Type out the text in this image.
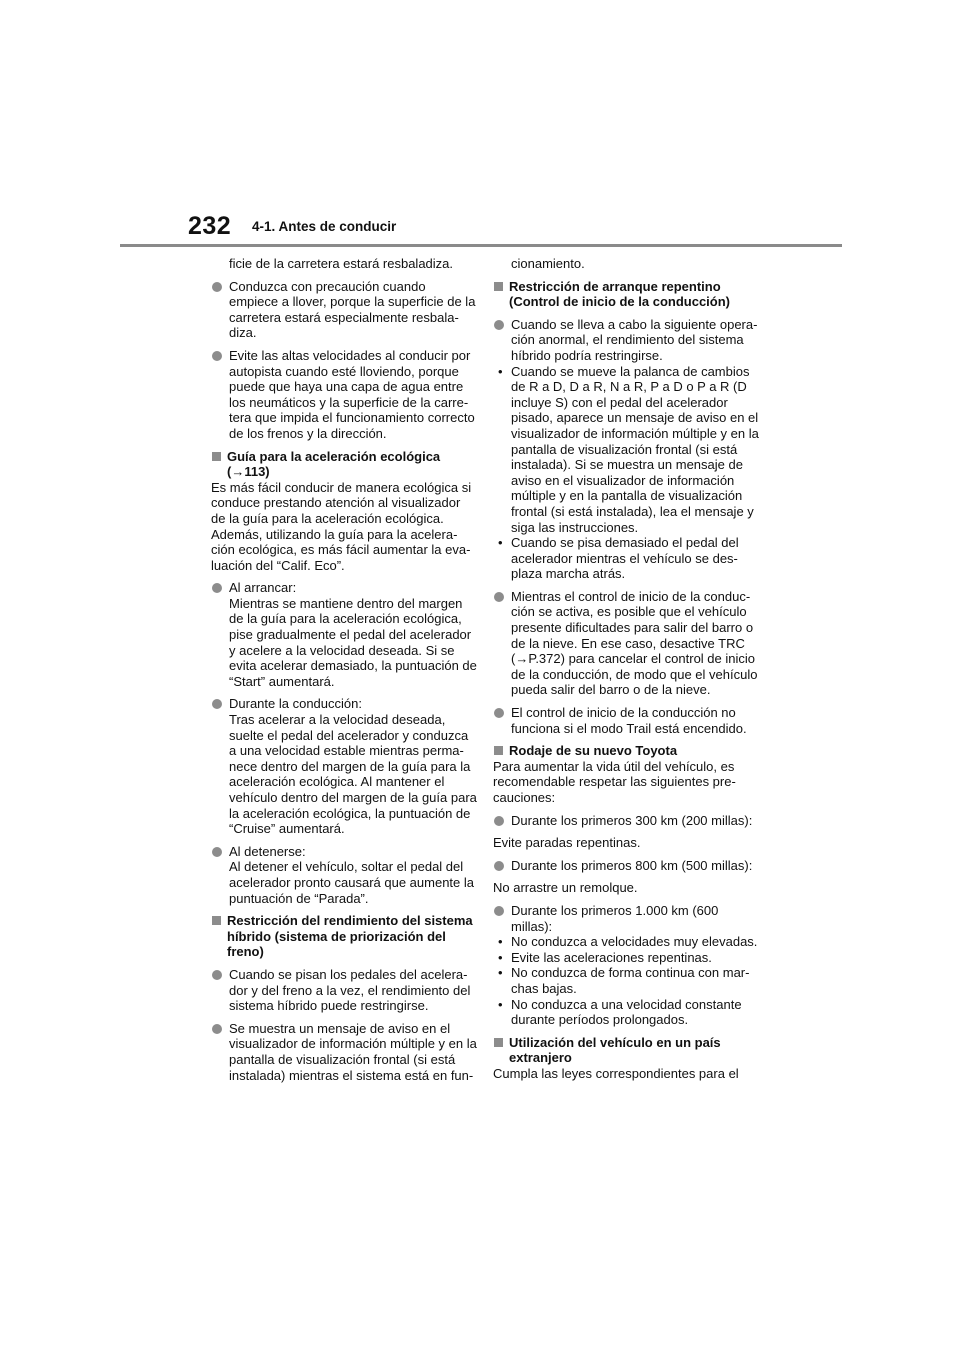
232 4-1. Antes de conducir
ficie de la carretera estará resbaladiza.
Conduzca con precaución cuando
empiece a llover, porque la superficie de la
carretera estará especialmente resbala-
diza.
Evite las altas velocidades al conducir por
autopista cuando esté lloviendo, porque
puede que haya una capa de agua entre
los neumáticos y la superficie de la carre-
tera que impida el funcionamiento correcto
de los frenos y la dirección.
Guía para la aceleración ecológica
(→113)
Es más fácil conducir de manera ecológica si
conduce prestando atención al visualizador
de la guía para la aceleración ecológica.
Además, utilizando la guía para la acelera-
ción ecológica, es más fácil aumentar la eva-
luación del “Calif. Eco”.
Al arrancar:
Mientras se mantiene dentro del margen
de la guía para la aceleración ecológica,
pise gradualmente el pedal del acelerador
y acelere a la velocidad deseada. Si se
evita acelerar demasiado, la puntuación de
“Start” aumentará.
Durante la conducción:
Tras acelerar a la velocidad deseada,
suelte el pedal del acelerador y conduzca
a una velocidad estable mientras perma-
nece dentro del margen de la guía para la
aceleración ecológica. Al mantener el
vehículo dentro del margen de la guía para
la aceleración ecológica, la puntuación de
“Cruise” aumentará.
Al detenerse:
Al detener el vehículo, soltar el pedal del
acelerador pronto causará que aumente la
puntuación de “Parada”.
Restricción del rendimiento del sistema
híbrido (sistema de priorización del
freno)
Cuando se pisan los pedales del acelera-
dor y del freno a la vez, el rendimiento del
sistema híbrido puede restringirse.
Se muestra un mensaje de aviso en el
visualizador de información múltiple y en la
pantalla de visualización frontal (si está
instalada) mientras el sistema está en fun-
cionamiento.
Restricción de arranque repentino
(Control de inicio de la conducción)
Cuando se lleva a cabo la siguiente opera-
ción anormal, el rendimiento del sistema
híbrido podría restringirse.
• Cuando se mueve la palanca de cambios
de R a D, D a R, N a R, P a D o P a R (D
incluye S) con el pedal del acelerador
pisado, aparece un mensaje de aviso en el
visualizador de información múltiple y en la
pantalla de visualización frontal (si está
instalada). Si se muestra un mensaje de
aviso en el visualizador de información
múltiple y en la pantalla de visualización
frontal (si está instalada), lea el mensaje y
siga las instrucciones.
• Cuando se pisa demasiado el pedal del
acelerador mientras el vehículo se des-
plaza marcha atrás.
Mientras el control de inicio de la conduc-
ción se activa, es posible que el vehículo
presente dificultades para salir del barro o
de la nieve. En ese caso, desactive TRC
(→P.372) para cancelar el control de inicio
de la conducción, de modo que el vehículo
pueda salir del barro o de la nieve.
El control de inicio de la conducción no
funciona si el modo Trail está encendido.
Rodaje de su nuevo Toyota
Para aumentar la vida útil del vehículo, es
recomendable respetar las siguientes pre-
cauciones:
Durante los primeros 300 km (200 millas):
Evite paradas repentinas.
Durante los primeros 800 km (500 millas):
No arrastre un remolque.
Durante los primeros 1.000 km (600
millas):
• No conduzca a velocidades muy elevadas.
• Evite las aceleraciones repentinas.
• No conduzca de forma continua con mar-
chas bajas.
• No conduzca a una velocidad constante
durante períodos prolongados.
Utilización del vehículo en un país
extranjero
Cumpla las leyes correspondientes para el
